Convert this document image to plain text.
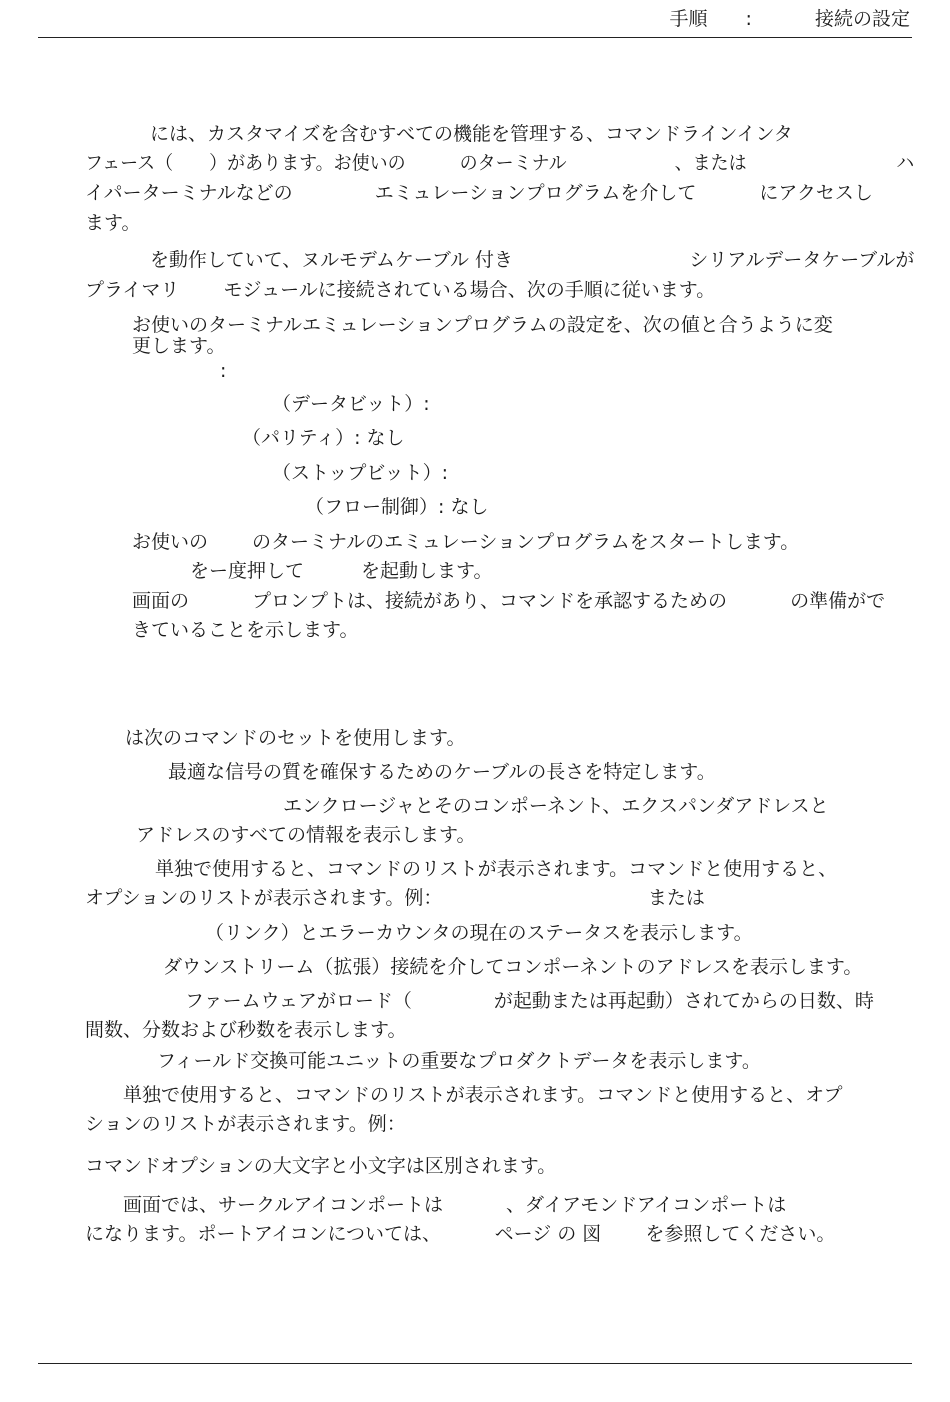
手順　　:　　　 接続の設定
には、カスタマイズを含むすべての機能を管理する、コマンドラインインタ
フェース（　　）があります。お使いの　　　のターミナル　　　　　　、または　　　　　　　　 ハ
イパーターミナルなどの　　　　 エミュレーションプログラムを介して　　　 にアクセスし
ます。
を動作していて、ヌルモデムケーブル 付き　　　　　　　　　 シリアルデータケーブルが
プライマリ　　 モジュールに接続されている場合、次の手順に従います。
お使いのターミナルエミュレーションプログラムの設定を、次の値と合うように変
更します。
:
（データビット）:
（パリティ）: なし
（ストップビット）:
（フロー制御）: なし
お使いの　　 のターミナルのエミュレーションプログラムをスタートします。
をー度押して　　　を起動します。
画面の　　　 プロンプトは、接続があり、コマンドを承認するための　　　 の準備がで
きていることを示します。
は次のコマンドのセットを使用します。
最適な信号の質を確保するためのケーブルの長さを特定します。
エンクロージャとそのコンポーネント、エクスパンダアドレスと
アドレスのすべての情報を表示します。
単独で使用すると、コマンドのリストが表示されます。コマンドと使用すると、
オプションのリストが表示されます。例：　　　　　　　　　　　 または
（リンク）とエラーカウンタの現在のステータスを表示します。
ダウンストリーム（拡張）接続を介してコンポーネントのアドレスを表示します。
ファームウェアがロード（　　　　 が起動または再起動）されてからの日数、時
間数、分数および秒数を表示します。
フィールド交換可能ユニットの重要なプロダクトデータを表示します。
単独で使用すると、コマンドのリストが表示されます。コマンドと使用すると、オプ
ションのリストが表示されます。例：
コマンドオプションの大文字と小文字は区別されます。
画面では、サークルアイコンポートは　　　 、ダイアモンドアイコンポートは
になります。ポートアイコンについては、　　　 ページ の 図　　 を参照してください。
